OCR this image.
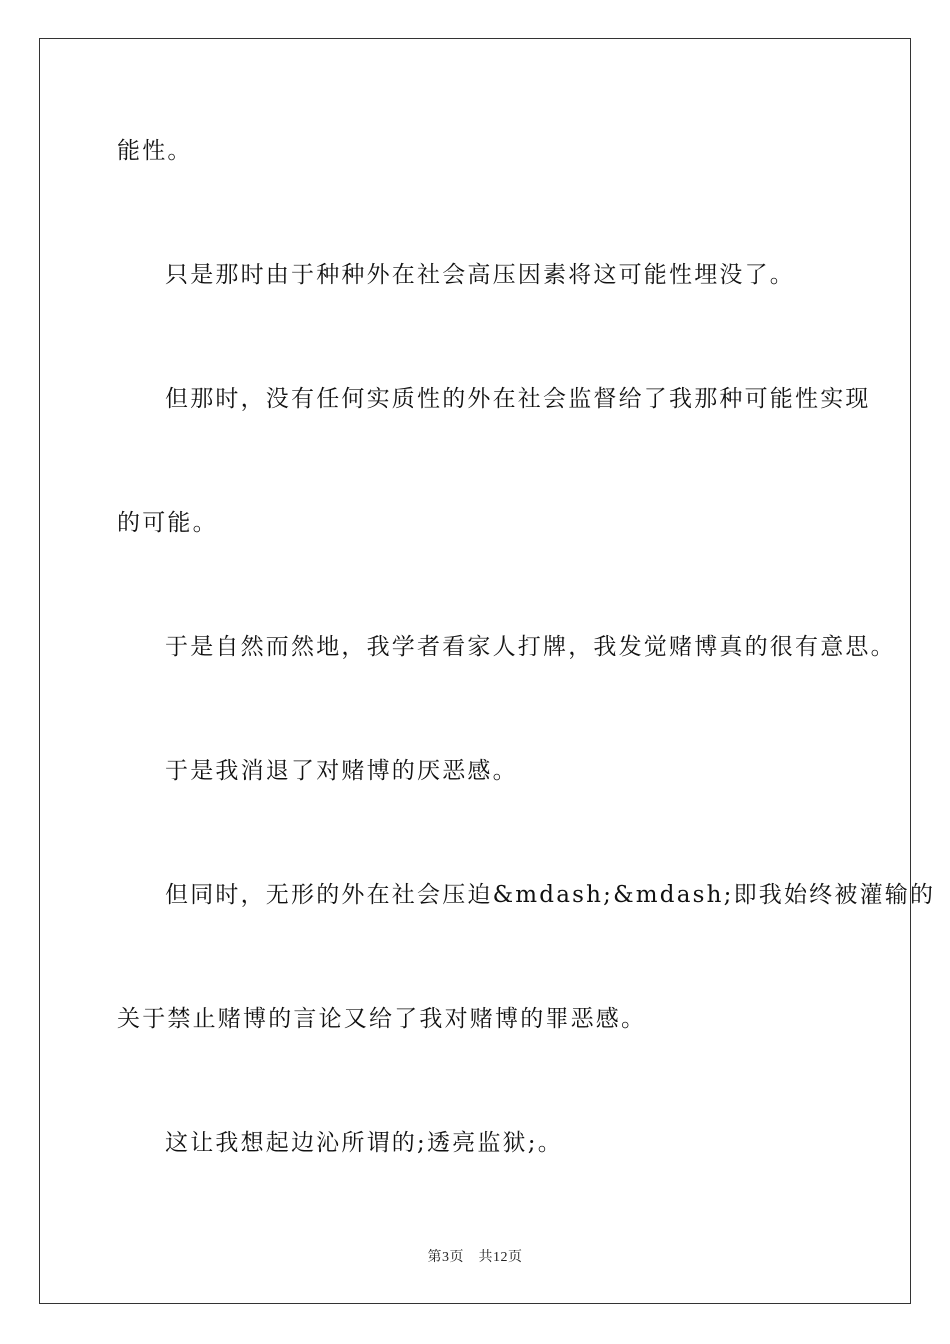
能性。
只是那时由于种种外在社会高压因素将这可能性埋没了。
但那时，没有任何实质性的外在社会监督给了我那种可能性实现
的可能。
于是自然而然地，我学者看家人打牌，我发觉赌博真的很有意思。
于是我消退了对赌博的厌恶感。
但同时，无形的外在社会压迫&mdash;&mdash;即我始终被灌输的
关于禁止赌博的言论又给了我对赌博的罪恶感。
这让我想起边沁所谓的;透亮监狱;。
第3页　共12页
